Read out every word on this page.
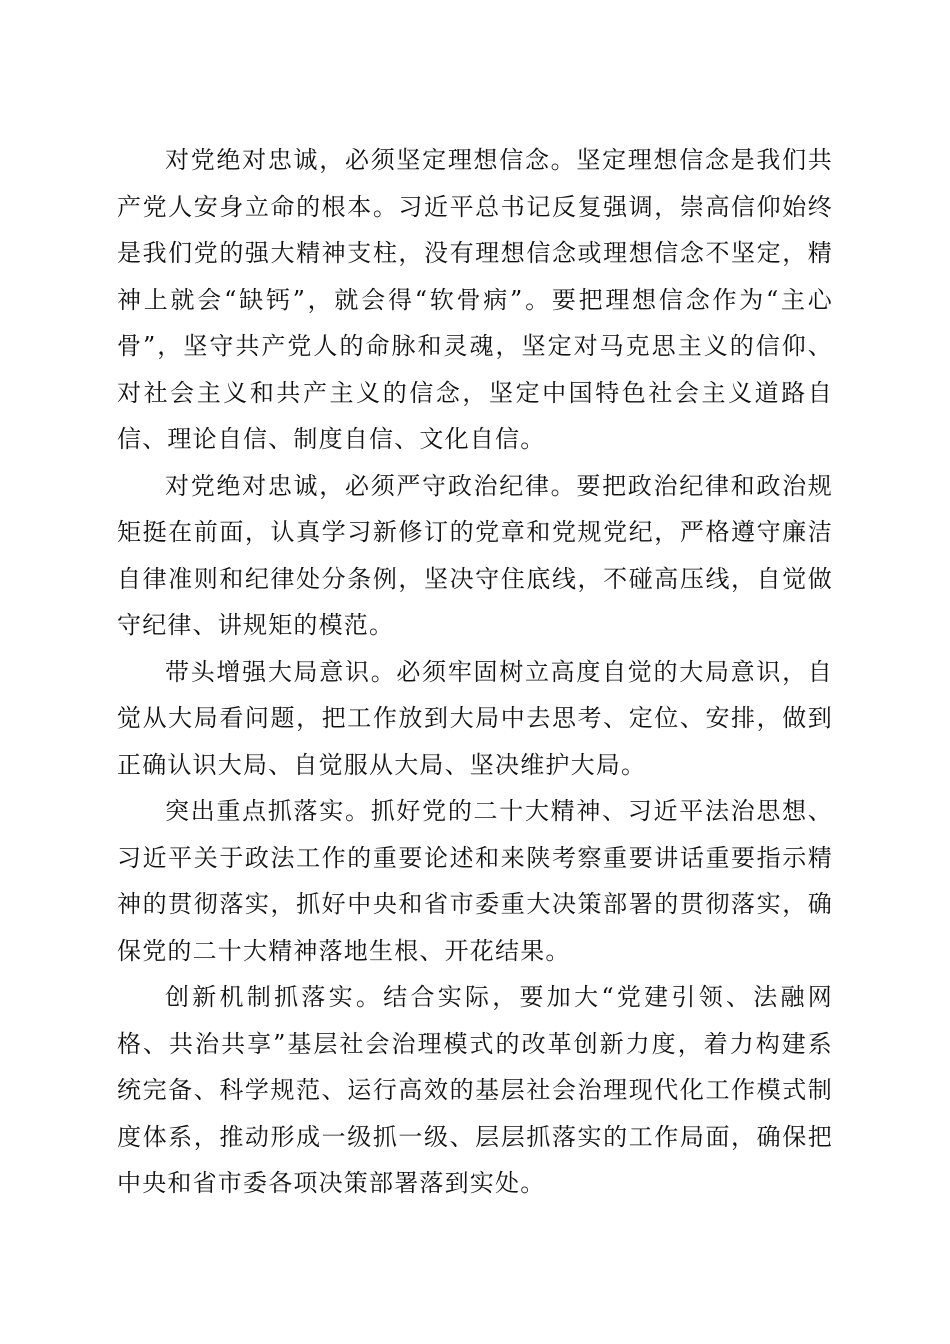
对党绝对忠诚，必须坚定理想信念。坚定理想信念是我们共产党人安身立命的根本。习近平总书记反复强调，崇高信仰始终是我们党的强大精神支柱，没有理想信念或理想信念不坚定，精神上就会“缺钙”，就会得“软骨病”。要把理想信念作为“主心骨”，坚守共产党人的命脉和灵魂，坚定对马克思主义的信仰、对社会主义和共产主义的信念，坚定中国特色社会主义道路自信、理论自信、制度自信、文化自信。

对党绝对忠诚，必须严守政治纪律。要把政治纪律和政治规矩挺在前面，认真学习新修订的党章和党规党纪，严格遵守廉洁自律准则和纪律处分条例，坚决守住底线，不碰高压线，自觉做守纪律、讲规矩的模范。

带头增强大局意识。必须牢固树立高度自觉的大局意识，自觉从大局看问题，把工作放到大局中去思考、定位、安排，做到正确认识大局、自觉服从大局、坚决维护大局。

突出重点抓落实。抓好党的二十大精神、习近平法治思想、习近平关于政法工作的重要论述和来陕考察重要讲话重要指示精神的贯彻落实，抓好中央和省市委重大决策部署的贯彻落实，确保党的二十大精神落地生根、开花结果。

创新机制抓落实。结合实际，要加大“党建引领、法融网格、共治共享”基层社会治理模式的改革创新力度，着力构建系统完备、科学规范、运行高效的基层社会治理现代化工作模式制度体系，推动形成一级抓一级、层层抓落实的工作局面，确保把中央和省市委各项决策部署落到实处。
